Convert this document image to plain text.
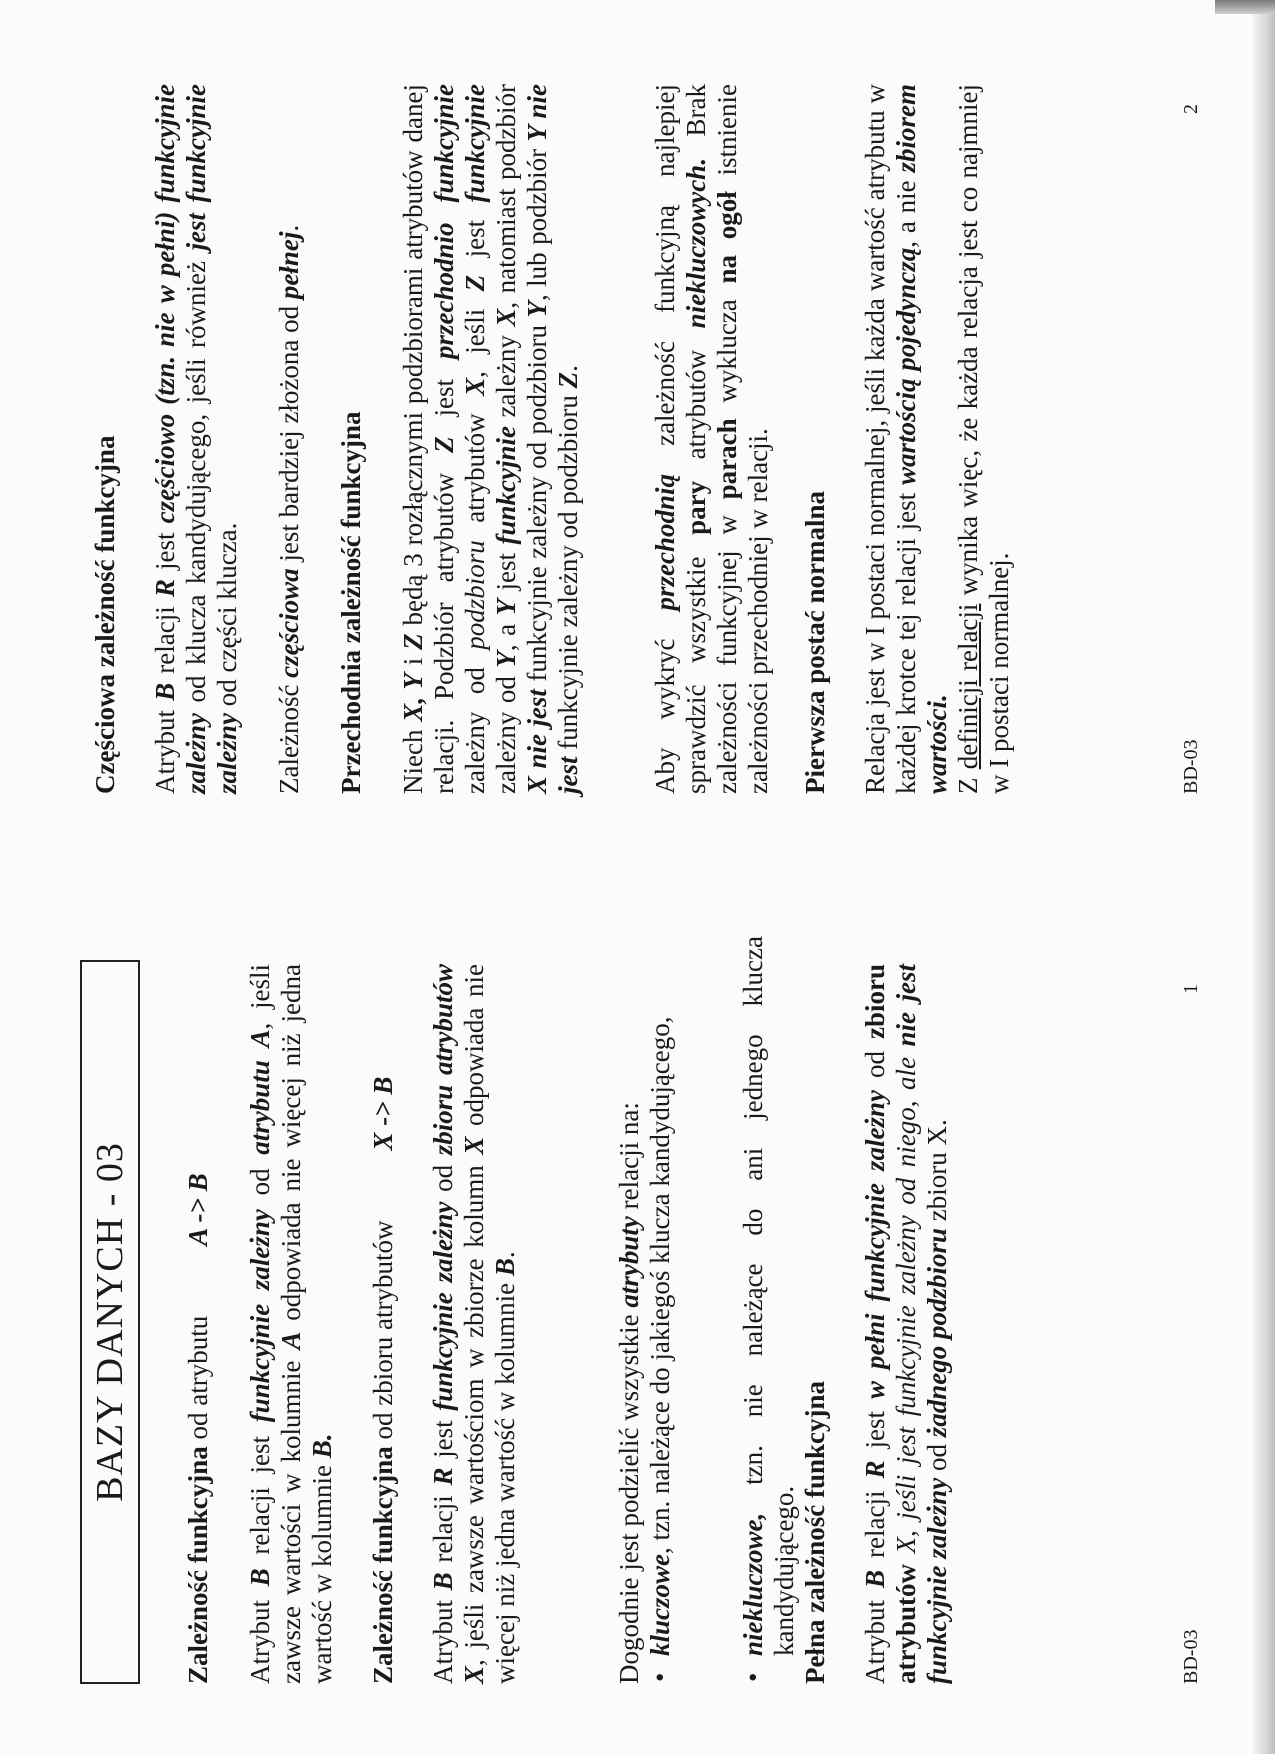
BAZY DANYCH - 03
Zależność funkcyjna od atrybutuA -> B
Atrybut B relacji jest funkcyjnie zależny od atrybutu A, jeśli zawsze wartości w kolumnie A odpowiada nie więcej niż jedna wartość w kolumnie B.
Zależność funkcyjna od zbioru atrybutówX -> B
Atrybut B relacji R jest funkcyjnie zależny od zbioru atrybutów X, jeśli zawsze wartościom w zbiorze kolumn X odpowiada nie więcej niż jedna wartość w kolumnie B.
Dogodnie jest podzielić wszystkie atrybuty relacji na:
• kluczowe, tzn. należące do jakiegoś klucza kandydującego,
• niekluczowe, tzn. nie należące do ani jednego klucza kandydującego. Pełna zależność funkcyjna Atrybut B relacji R jest w pełni funkcyjnie zależny od zbioru atrybutów X, jeśli jest funkcyjnie zależny od niego, ale nie jest funkcyjnie zależny od żadnego podzbioru zbioru X.
BD-03
1
Częściowa zależność funkcyjna Atrybut B relacji R jest częściowo (tzn. nie w pełni) funkcyjnie zależny od klucza kandydującego, jeśli również jest funkcyjnie zależny od części klucza.
Zależność częściowa jest bardziej złożona od pełnej.
Przechodnia zależność funkcyjna Niech X, Y i Z będą 3 rozłącznymi podzbiorami atrybutów danej relacji. Podzbiór atrybutów Z jest przechodnio funkcyjnie zależny od podzbioru atrybutów X, jeśli Z jest funkcyjnie zależny od Y, a Y jest funkcyjnie zależny X, natomiast podzbiór X nie jest funkcyjnie zależny od podzbioru Y, lub podzbiór Y nie jest funkcyjnie zależny od podzbioru Z.
Aby wykryć przechodnią zależność funkcyjną najlepiej sprawdzić wszystkie pary atrybutów niekluczowych. Brak zależności funkcyjnej w parach wyklucza na ogół istnienie zależności przechodniej w relacji. Pierwsza postać normalna Relacja jest w I postaci normalnej, jeśli każda wartość atrybutu w każdej krotce tej relacji jest wartością pojedynczą, a nie zbiorem wartości. Z definicji relacji wynika więc, że każda relacja jest co najmniej w I postaci normalnej.	BD-03
2
